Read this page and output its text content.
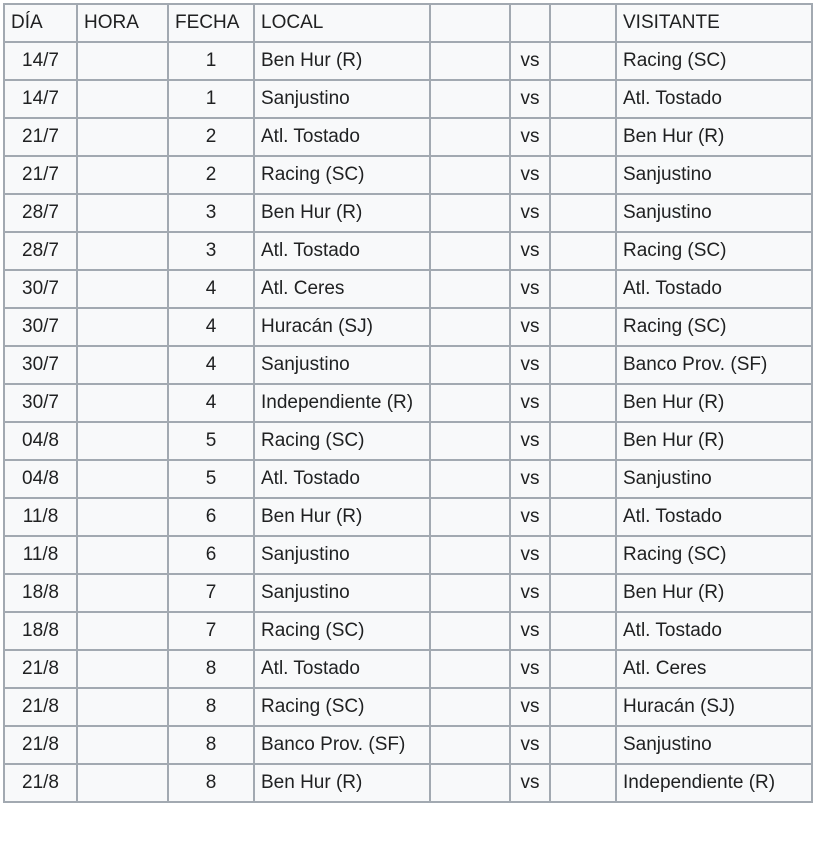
DÍA	HORA	FECHA	LOCAL				VISITANTE
14/7		1	Ben Hur (R)		vs		Racing (SC)
14/7		1	Sanjustino		vs		Atl. Tostado
21/7		2	Atl. Tostado		vs		Ben Hur (R)
21/7		2	Racing (SC)		vs		Sanjustino
28/7		3	Ben Hur (R)		vs		Sanjustino
28/7		3	Atl. Tostado		vs		Racing (SC)
30/7		4	Atl. Ceres		vs		Atl. Tostado
30/7		4	Huracán (SJ)		vs		Racing (SC)
30/7		4	Sanjustino		vs		Banco Prov. (SF)
30/7		4	Independiente (R)		vs		Ben Hur (R)
04/8		5	Racing (SC)		vs		Ben Hur (R)
04/8		5	Atl. Tostado		vs		Sanjustino
11/8		6	Ben Hur (R)		vs		Atl. Tostado
11/8		6	Sanjustino		vs		Racing (SC)
18/8		7	Sanjustino		vs		Ben Hur (R)
18/8		7	Racing (SC)		vs		Atl. Tostado
21/8		8	Atl. Tostado		vs		Atl. Ceres
21/8		8	Racing (SC)		vs		Huracán (SJ)
21/8		8	Banco Prov. (SF)		vs		Sanjustino
21/8		8	Ben Hur (R)		vs		Independiente (R)
